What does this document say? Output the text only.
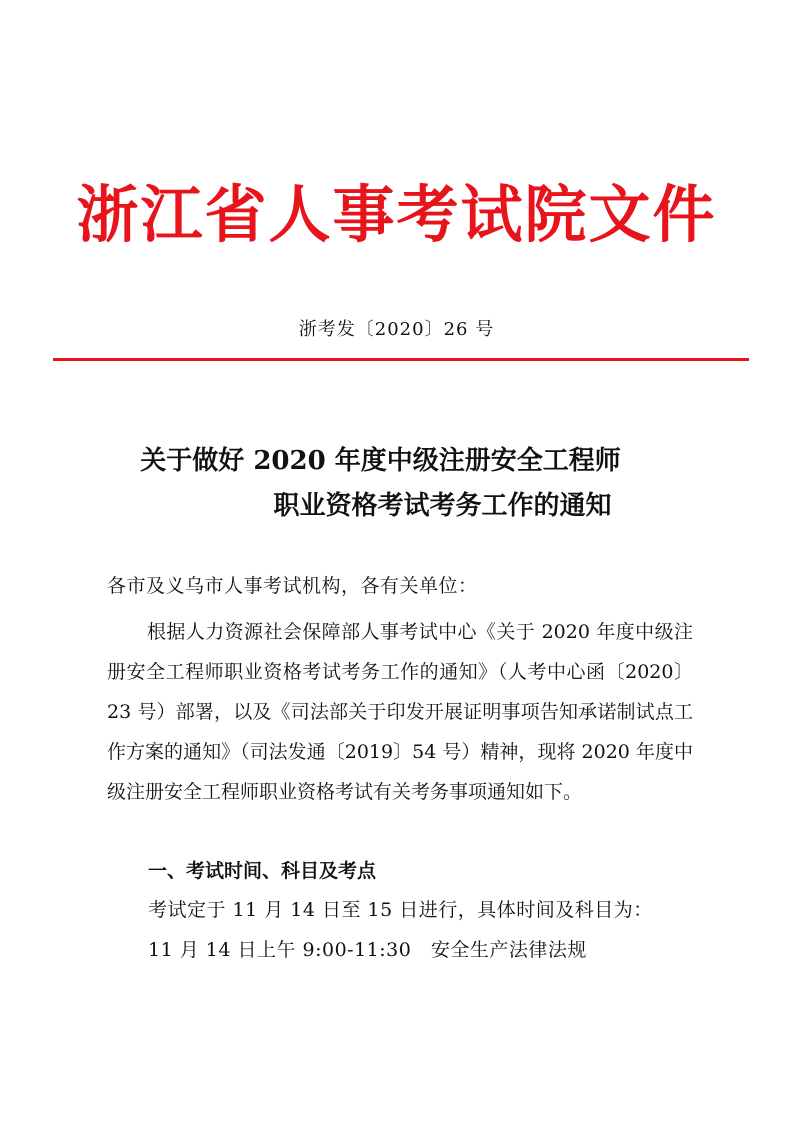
浙江省人事考试院文件
浙考发〔2020〕26 号
关于做好 2020 年度中级注册安全工程师
职业资格考试考务工作的通知
各市及义乌市人事考试机构，各有关单位：
根据人力资源社会保障部人事考试中心《关于 2020 年度中级注册安全工程师职业资格考试考务工作的通知》（人考中心函〔2020〕23 号）部署，以及《司法部关于印发开展证明事项告知承诺制试点工作方案的通知》（司法发通〔2019〕54 号）精神，现将 2020 年度中级注册安全工程师职业资格考试有关考务事项通知如下。
一、考试时间、科目及考点
考试定于 11 月 14 日至 15 日进行，具体时间及科目为：
11 月 14 日上午 9:00-11:30　安全生产法律法规
